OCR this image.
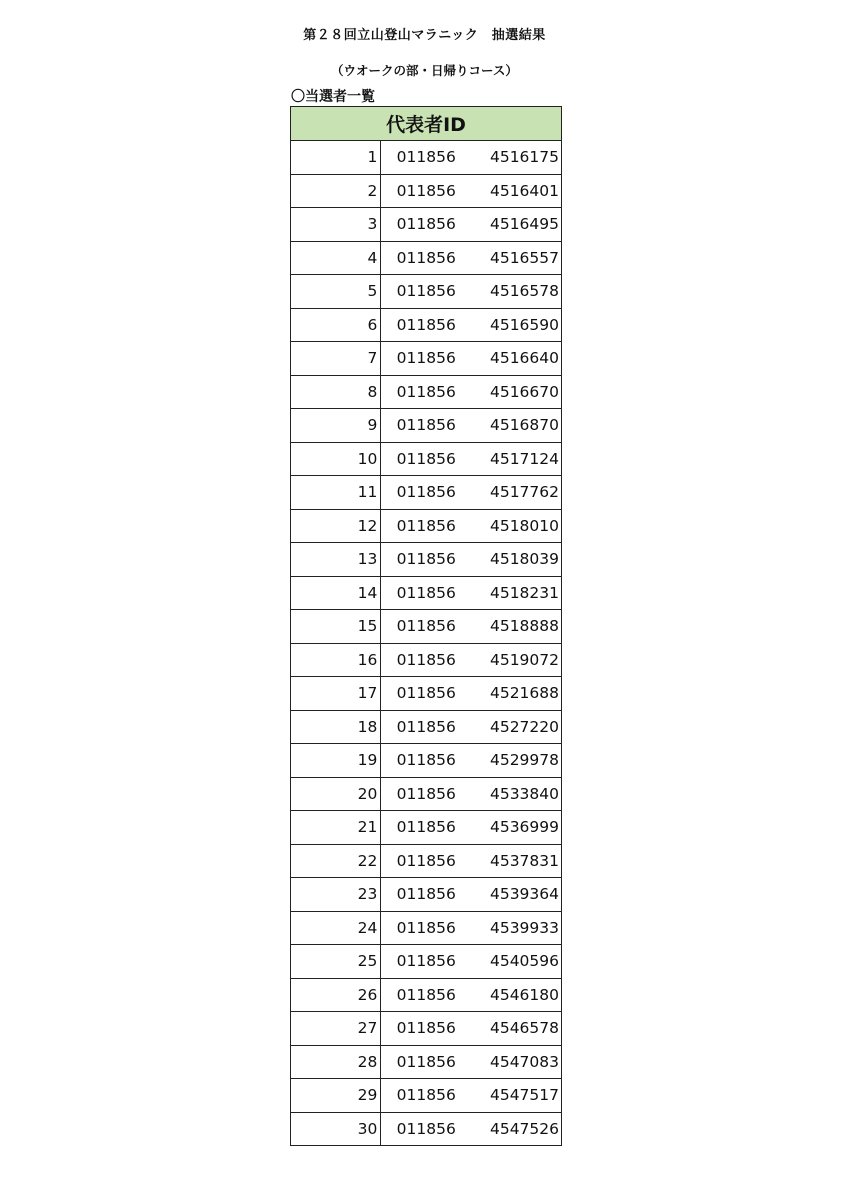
第２８回立山登山マラニック　抽選結果
（ウオークの部・日帰りコース）
〇当選者一覧
代表者ID		
1	011856	4516175
2	011856	4516401
3	011856	4516495
4	011856	4516557
5	011856	4516578
6	011856	4516590
7	011856	4516640
8	011856	4516670
9	011856	4516870
10	011856	4517124
11	011856	4517762
12	011856	4518010
13	011856	4518039
14	011856	4518231
15	011856	4518888
16	011856	4519072
17	011856	4521688
18	011856	4527220
19	011856	4529978
20	011856	4533840
21	011856	4536999
22	011856	4537831
23	011856	4539364
24	011856	4539933
25	011856	4540596
26	011856	4546180
27	011856	4546578
28	011856	4547083
29	011856	4547517
30	011856	4547526
